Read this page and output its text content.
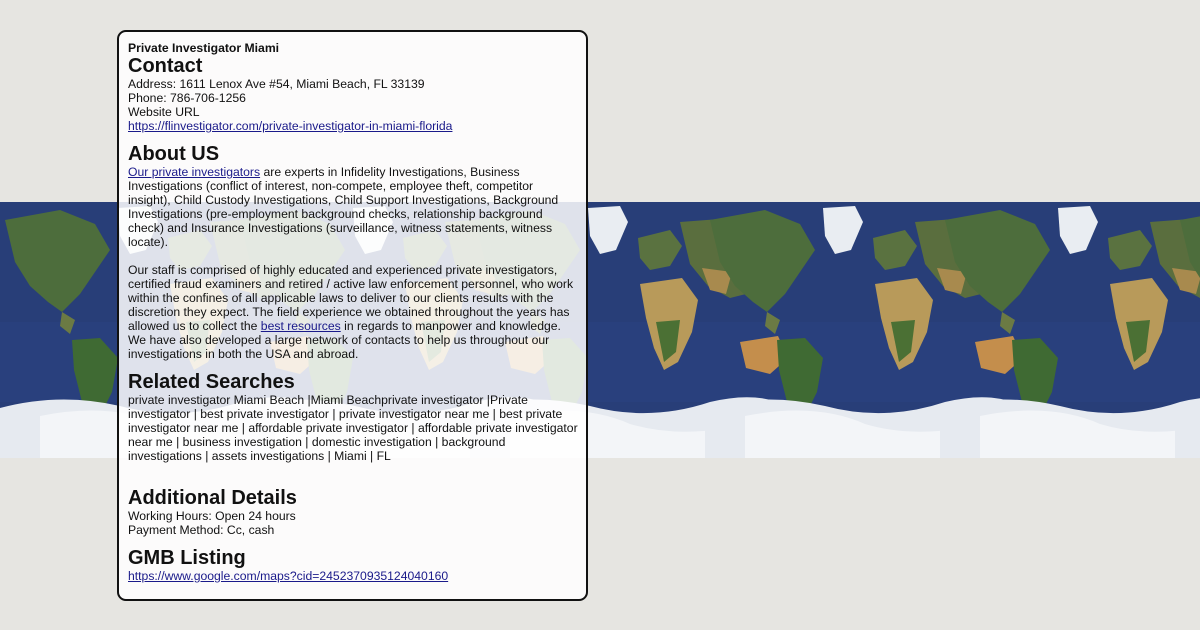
Private Investigator Miami
Contact
Address: 1611 Lenox Ave #54, Miami Beach, FL 33139
Phone: 786-706-1256
Website URL
https://flinvestigator.com/private-investigator-in-miami-florida
About US

Our private investigators are experts in Infidelity Investigations, Business Investigations (conflict of interest, non-compete, employee theft, competitor insight), Child Custody Investigations, Child Support Investigations, Background Investigations (pre-employment background checks, relationship background check) and Insurance Investigations (surveillance, witness statements, witness locate).

Our staff is comprised of highly educated and experienced private investigators, certified fraud examiners and retired / active law enforcement personnel, who work within the confines of all applicable laws to deliver to our clients results with the discretion they expect. The field experience we obtained throughout the years has allowed us to collect the best resources in regards to manpower and knowledge. We have also developed a large network of contacts to help us throughout our investigations in both the USA and abroad.

Related Searches

private investigator Miami Beach |Miami Beachprivate investigator |Private investigator | best private investigator | private investigator near me | best private investigator near me | affordable private investigator | affordable private investigator near me | business investigation | domestic investigation | background investigations | assets investigations | Miami | FL

Additional Details
Working Hours: Open 24 hours
Payment Method: Cc, cash
GMB Listing
https://www.google.com/maps?cid=2452370935124040160
